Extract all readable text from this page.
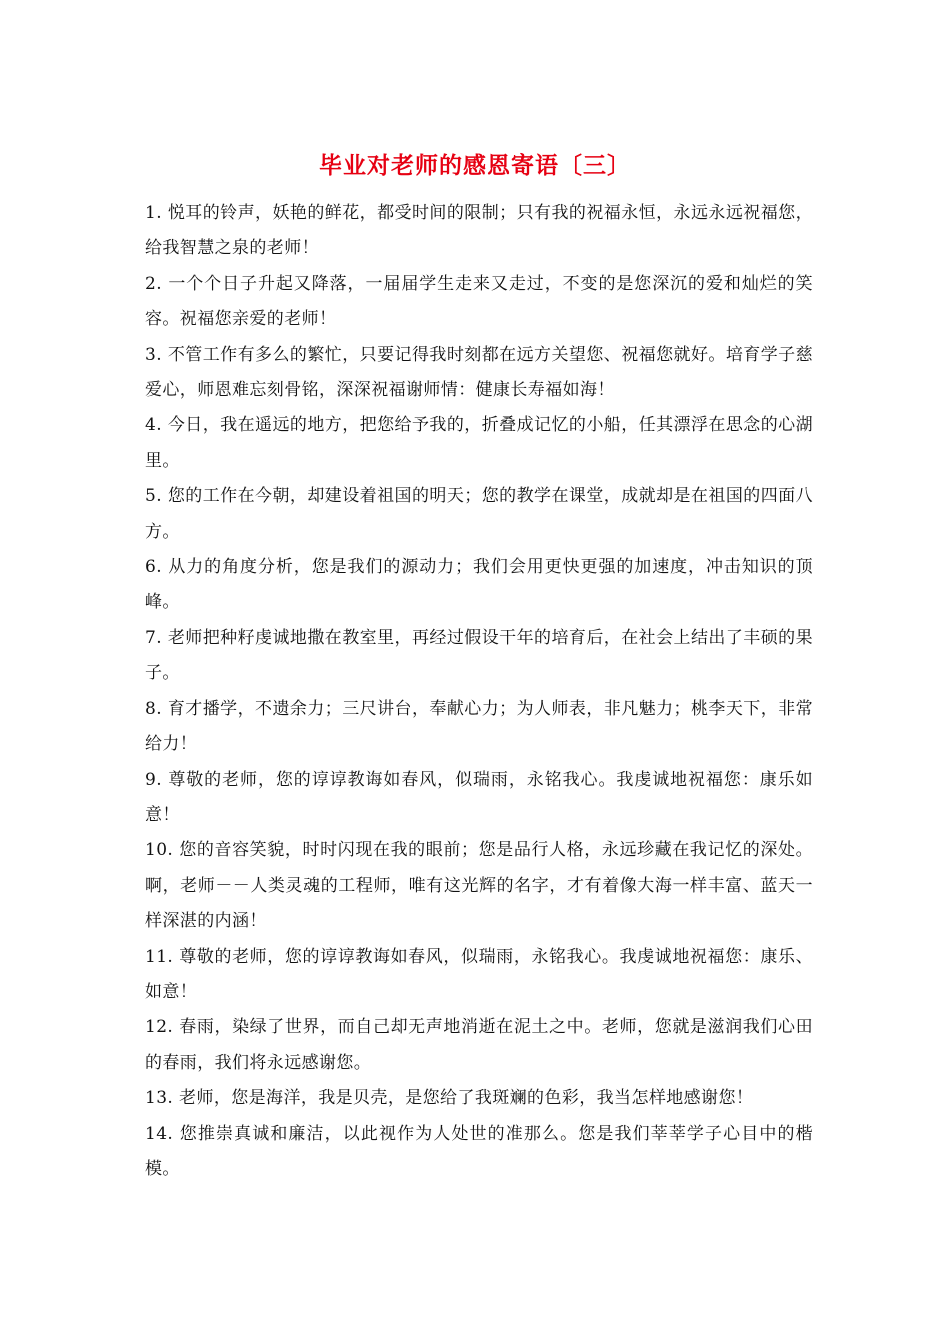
毕业对老师的感恩寄语〔三〕
1. 悦耳的铃声，妖艳的鲜花，都受时间的限制；只有我的祝福永恒，永远永远祝福您，给我智慧之泉的老师！
2. 一个个日子升起又降落，一届届学生走来又走过，不变的是您深沉的爱和灿烂的笑容。祝福您亲爱的老师！
3. 不管工作有多么的繁忙，只要记得我时刻都在远方关望您、祝福您就好。培育学子慈爱心，师恩难忘刻骨铭，深深祝福谢师情：健康长寿福如海！
4. 今日，我在遥远的地方，把您给予我的，折叠成记忆的小船，任其漂浮在思念的心湖里。
5. 您的工作在今朝，却建设着祖国的明天；您的教学在课堂，成就却是在祖国的四面八方。
6. 从力的角度分析，您是我们的源动力；我们会用更快更强的加速度，冲击知识的顶峰。
7. 老师把种籽虔诚地撒在教室里，再经过假设干年的培育后，在社会上结出了丰硕的果子。
8. 育才播学，不遗余力；三尺讲台，奉献心力；为人师表，非凡魅力；桃李天下，非常给力！
9. 尊敬的老师，您的谆谆教诲如春风，似瑞雨，永铭我心。我虔诚地祝福您：康乐如意！
10. 您的音容笑貌，时时闪现在我的眼前；您是品行人格，永远珍藏在我记忆的深处。啊，老师－－人类灵魂的工程师，唯有这光辉的名字，才有着像大海一样丰富、蓝天一样深湛的内涵！
11. 尊敬的老师，您的谆谆教诲如春风，似瑞雨，永铭我心。我虔诚地祝福您：康乐、如意！
12. 春雨，染绿了世界，而自己却无声地消逝在泥土之中。老师，您就是滋润我们心田的春雨，我们将永远感谢您。
13. 老师，您是海洋，我是贝壳，是您给了我斑斓的色彩，我当怎样地感谢您！
14. 您推崇真诚和廉洁，以此视作为人处世的准那么。您是我们莘莘学子心目中的楷模。
